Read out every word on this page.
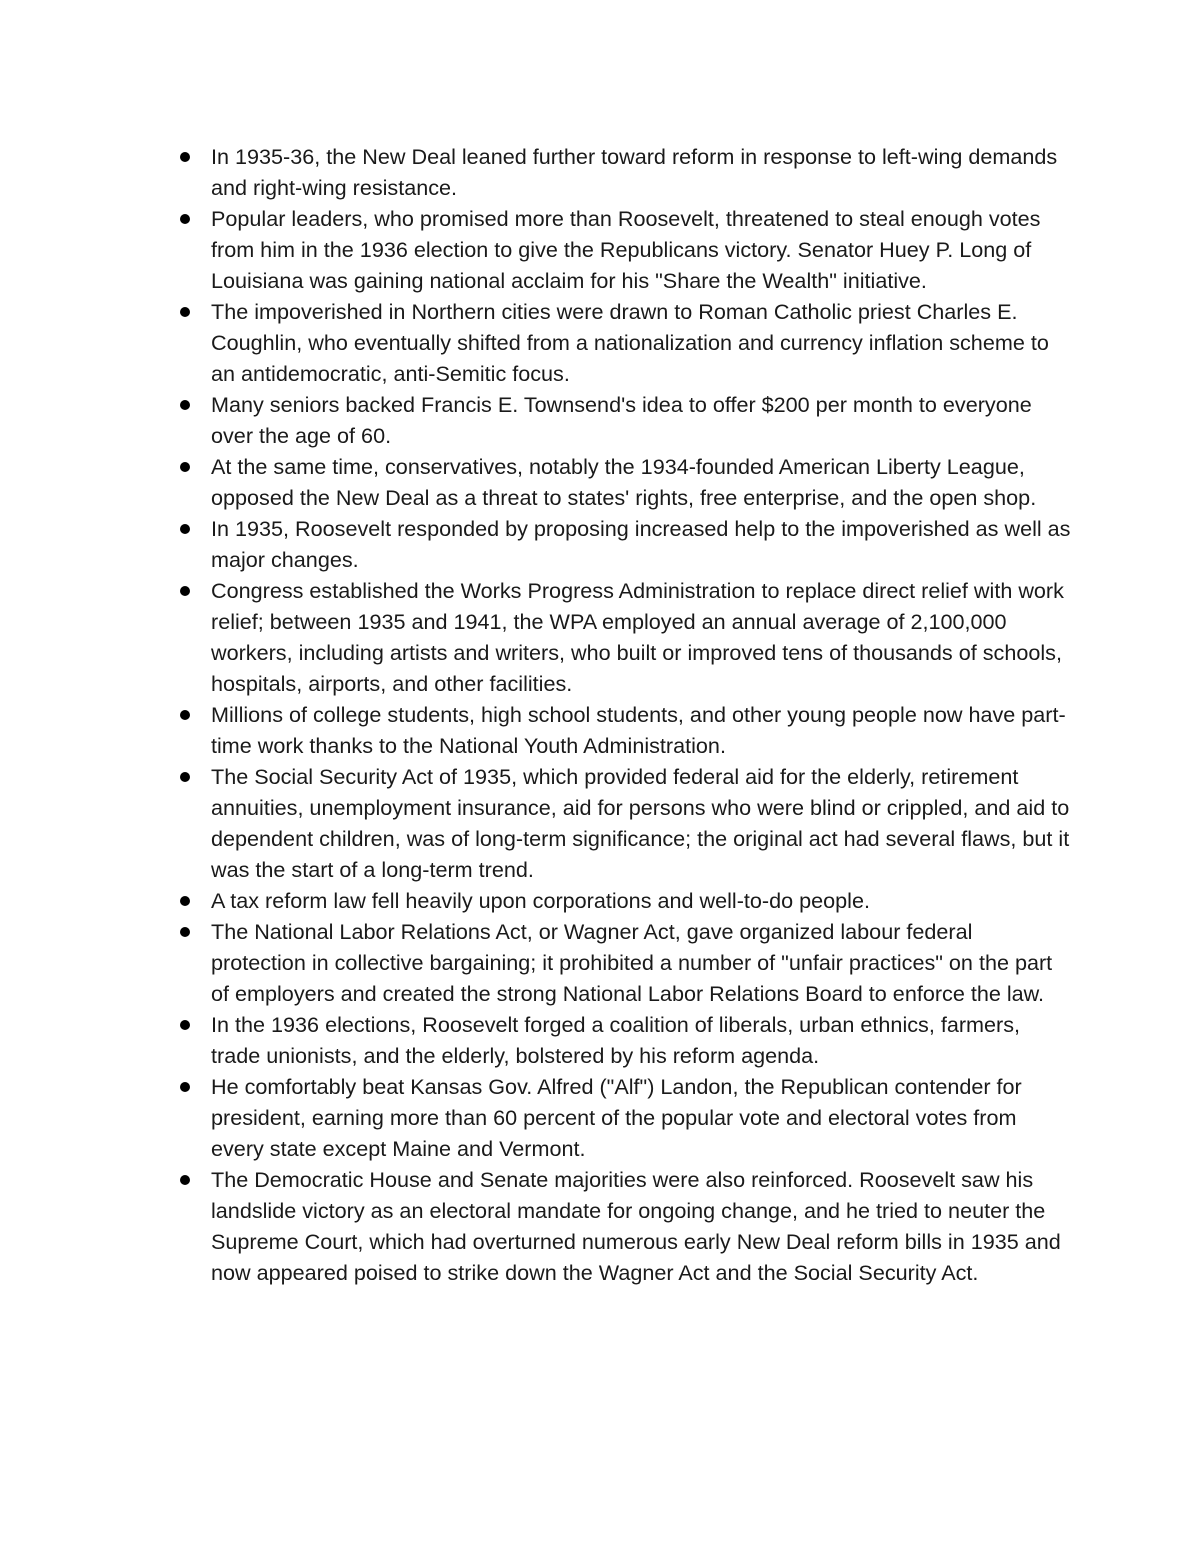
In 1935-36, the New Deal leaned further toward reform in response to left-wing demands and right-wing resistance.
Popular leaders, who promised more than Roosevelt, threatened to steal enough votes from him in the 1936 election to give the Republicans victory. Senator Huey P. Long of Louisiana was gaining national acclaim for his "Share the Wealth" initiative.
The impoverished in Northern cities were drawn to Roman Catholic priest Charles E. Coughlin, who eventually shifted from a nationalization and currency inflation scheme to an antidemocratic, anti-Semitic focus.
Many seniors backed Francis E. Townsend's idea to offer $200 per month to everyone over the age of 60.
At the same time, conservatives, notably the 1934-founded American Liberty League, opposed the New Deal as a threat to states' rights, free enterprise, and the open shop.
In 1935, Roosevelt responded by proposing increased help to the impoverished as well as major changes.
Congress established the Works Progress Administration to replace direct relief with work relief; between 1935 and 1941, the WPA employed an annual average of 2,100,000 workers, including artists and writers, who built or improved tens of thousands of schools, hospitals, airports, and other facilities.
Millions of college students, high school students, and other young people now have part-time work thanks to the National Youth Administration.
The Social Security Act of 1935, which provided federal aid for the elderly, retirement annuities, unemployment insurance, aid for persons who were blind or crippled, and aid to dependent children, was of long-term significance; the original act had several flaws, but it was the start of a long-term trend.
A tax reform law fell heavily upon corporations and well-to-do people.
The National Labor Relations Act, or Wagner Act, gave organized labour federal protection in collective bargaining; it prohibited a number of "unfair practices" on the part of employers and created the strong National Labor Relations Board to enforce the law.
In the 1936 elections, Roosevelt forged a coalition of liberals, urban ethnics, farmers, trade unionists, and the elderly, bolstered by his reform agenda.
He comfortably beat Kansas Gov. Alfred ("Alf") Landon, the Republican contender for president, earning more than 60 percent of the popular vote and electoral votes from every state except Maine and Vermont.
The Democratic House and Senate majorities were also reinforced. Roosevelt saw his landslide victory as an electoral mandate for ongoing change, and he tried to neuter the Supreme Court, which had overturned numerous early New Deal reform bills in 1935 and now appeared poised to strike down the Wagner Act and the Social Security Act.
